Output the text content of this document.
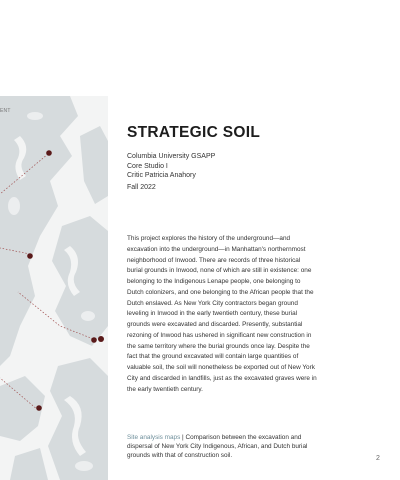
ENT
STRATEGIC SOIL
Columbia University GSAPP
Core Studio I
Critic Patricia Anahory
Fall 2022

This project explores the history of the underground—and excavation into the underground—in Manhattan's northernmost neighborhood of Inwood. There are records of three historical burial grounds in Inwood, none of which are still in existence: one belonging to the Indigenous Lenape people, one belonging to Dutch colonizers, and one belonging to the African people that the Dutch enslaved. As New York City contractors began ground leveling in Inwood in the early twentieth century, these burial grounds were excavated and discarded. Presently, substantial rezoning of Inwood has ushered in significant new construction in the same territory where the burial grounds once lay. Despite the fact that the ground excavated will contain large quantities of valuable soil, the soil will nonetheless be exported out of New York City and discarded in landfills, just as the excavated graves were in the early twentieth century.

Site analysis maps | Comparison between the excavation and dispersal of New York City Indigenous, African, and Dutch burial grounds with that of construction soil.	2
